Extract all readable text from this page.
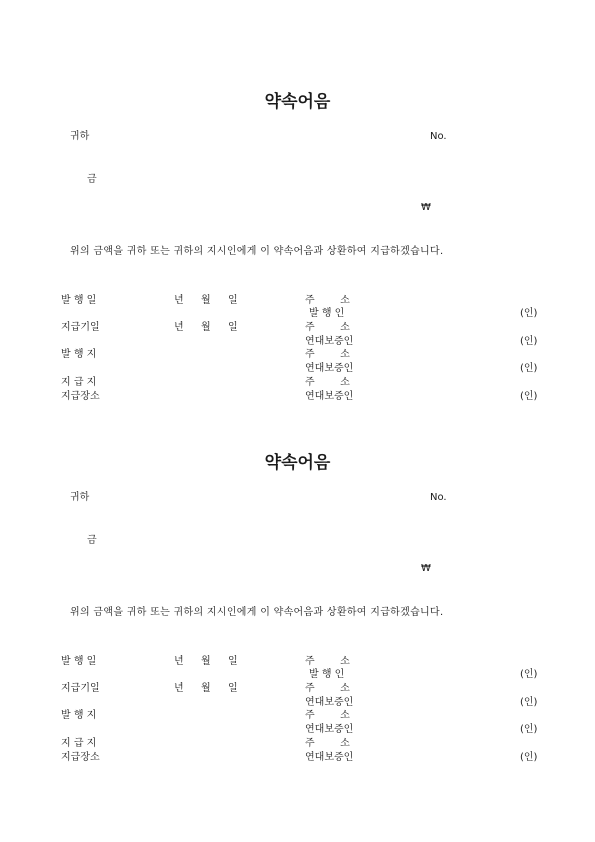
약속어음
귀하	No.
금
₩
위의 금액을 귀하 또는 귀하의 지시인에게 이 약속어음과 상환하여 지급하겠습니다.
발 행 일
지급기일
발 행 지
지 급 지
지급장소
년 월 일
년 월 일
주        소
발 행 인
주        소
연대보증인
주        소
연대보증인
주        소
연대보증인
(인)
(인)
(인)
(인)
약속어음
귀하	No.
금
₩
위의 금액을 귀하 또는 귀하의 지시인에게 이 약속어음과 상환하여 지급하겠습니다.
발 행 일
지급기일
발 행 지
지 급 지
지급장소
년 월 일
년 월 일
주        소
발 행 인
주        소
연대보증인
주        소
연대보증인
주        소
연대보증인
(인)
(인)
(인)
(인)
